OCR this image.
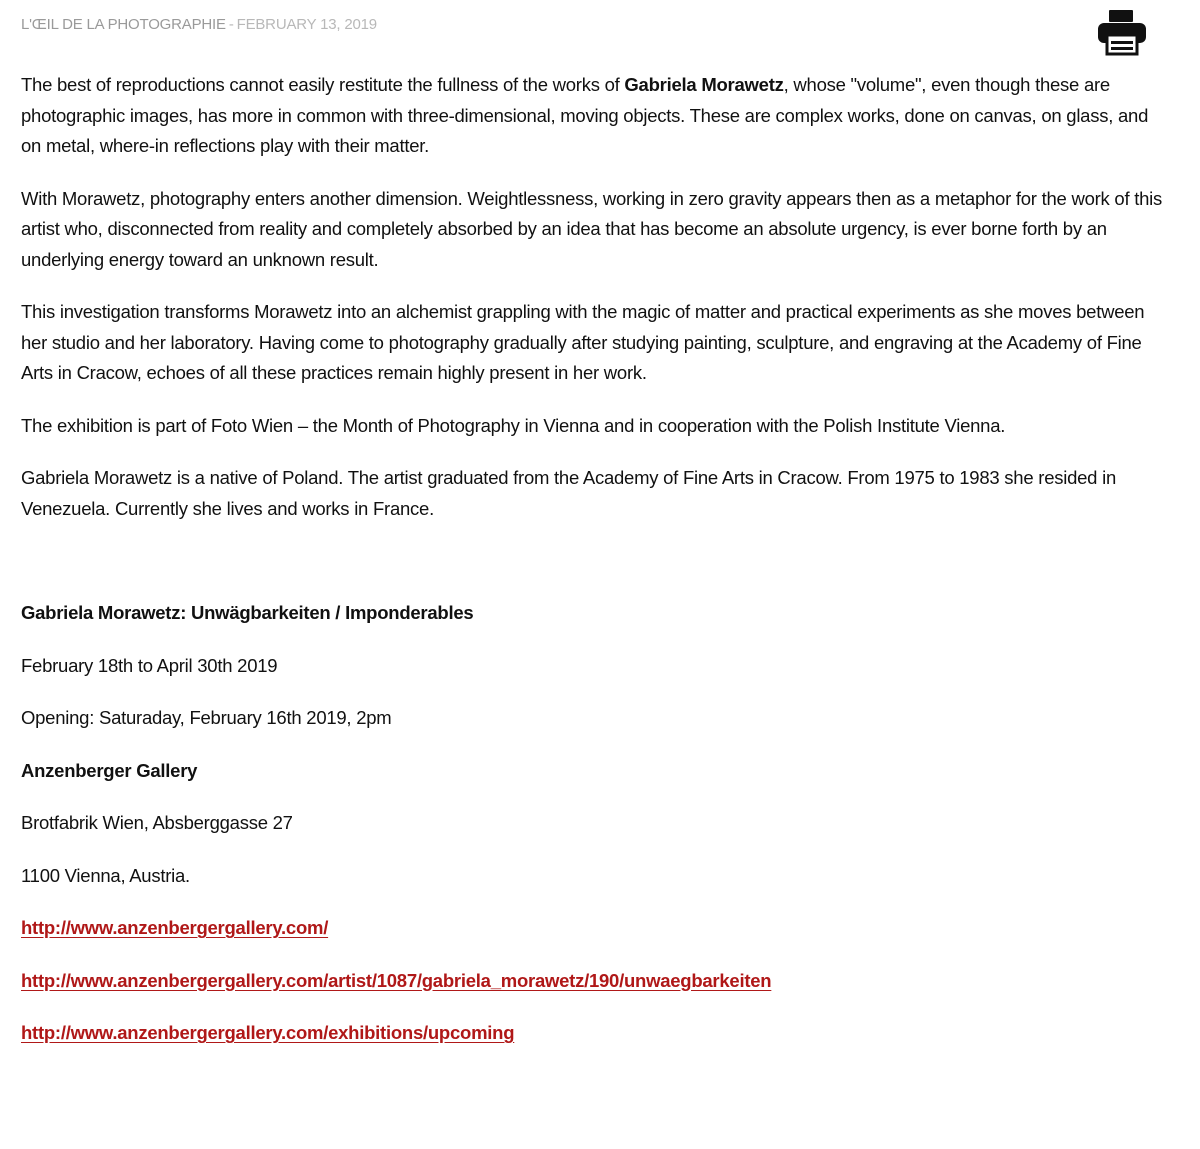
L'ŒIL DE LA PHOTOGRAPHIE - FEBRUARY 13, 2019

The best of reproductions cannot easily restitute the fullness of the works of Gabriela Morawetz, whose "volume", even though these are photographic images, has more in common with three-dimensional, moving objects. These are complex works, done on canvas, on glass, and on metal, where-in reflections play with their matter.

With Morawetz, photography enters another dimension. Weightlessness, working in zero gravity appears then as a metaphor for the work of this artist who, disconnected from reality and completely absorbed by an idea that has become an absolute urgency, is ever borne forth by an underlying energy toward an unknown result.

This investigation transforms Morawetz into an alchemist grappling with the magic of matter and practical experiments as she moves between her studio and her laboratory. Having come to photography gradually after studying painting, sculpture, and engraving at the Academy of Fine Arts in Cracow, echoes of all these practices remain highly present in her work.

The exhibition is part of Foto Wien – the Month of Photography in Vienna and in cooperation with the Polish Institute Vienna.

Gabriela Morawetz is a native of Poland. The artist graduated from the Academy of Fine Arts in Cracow. From 1975 to 1983 she resided in Venezuela. Currently she lives and works in France.

Gabriela Morawetz: Unwägbarkeiten / Imponderables

February 18th to April 30th 2019

Opening: Saturaday, February 16th 2019, 2pm

Anzenberger Gallery

Brotfabrik Wien, Absberggasse 27

1100 Vienna, Austria.

http://www.anzenbergergallery.com/

http://www.anzenbergergallery.com/artist/1087/gabriela_morawetz/190/unwaegbarkeiten

http://www.anzenbergergallery.com/exhibitions/upcoming
